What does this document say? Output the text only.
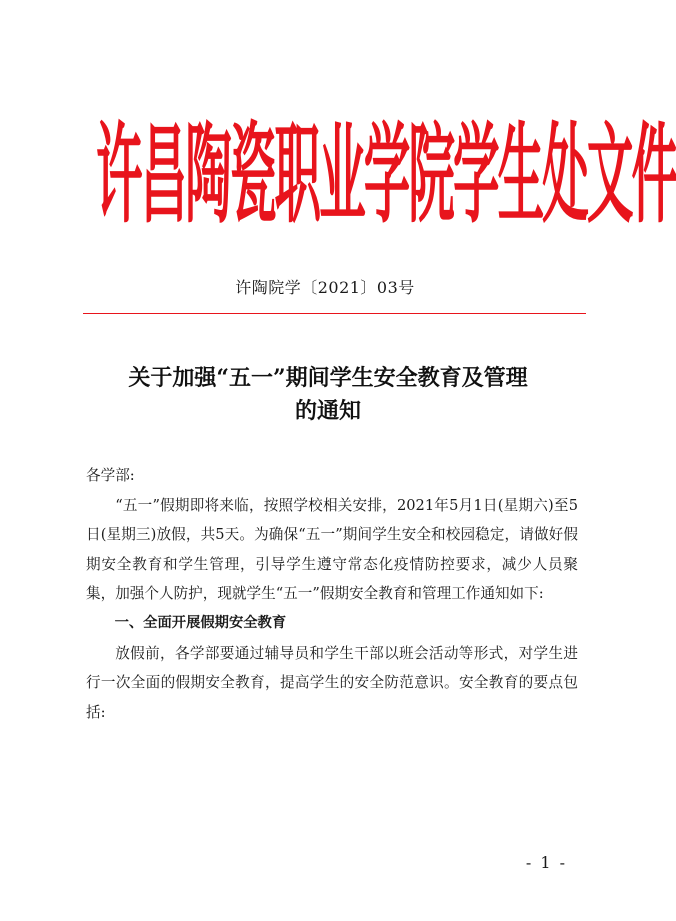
许昌陶瓷职业学院学生处文件
许陶院学〔2021〕03号
关于加强“五一”期间学生安全教育及管理
的通知

各学部:

“五一”假期即将来临，按照学校相关安排，2021年5月1日(星期六)至5日(星期三)放假，共5天。为确保“五一”期间学生安全和校园稳定，请做好假期安全教育和学生管理，引导学生遵守常态化疫情防控要求，减少人员聚集，加强个人防护，现就学生“五一”假期安全教育和管理工作通知如下:

一、全面开展假期安全教育

放假前，各学部要通过辅导员和学生干部以班会活动等形式，对学生进行一次全面的假期安全教育，提高学生的安全防范意识。安全教育的要点包括:

- 1 -
